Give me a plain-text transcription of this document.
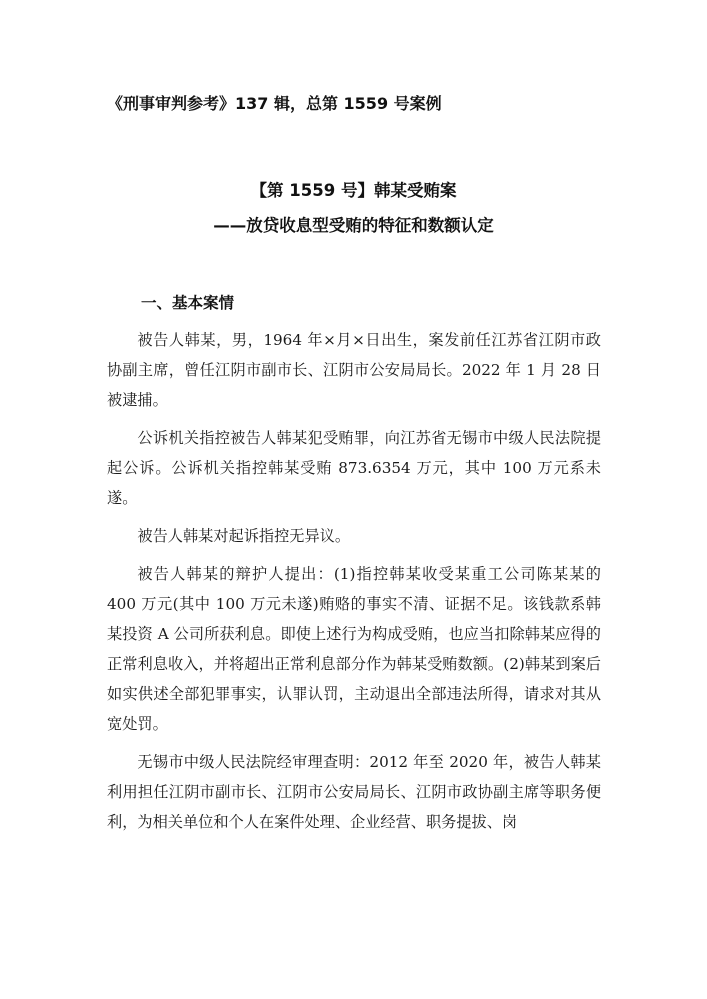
《刑事审判参考》137 辑，总第 1559 号案例
【第 1559 号】韩某受贿案
——放贷收息型受贿的特征和数额认定
一、基本案情

被告人韩某，男，1964 年×月×日出生，案发前任江苏省江阴市政协副主席，曾任江阴市副市长、江阴市公安局局长。2022 年 1 月 28 日被逮捕。

公诉机关指控被告人韩某犯受贿罪，向江苏省无锡市中级人民法院提起公诉。公诉机关指控韩某受贿 873.6354 万元，其中 100 万元系未遂。

被告人韩某对起诉指控无异议。

被告人韩某的辩护人提出：(1)指控韩某收受某重工公司陈某某的 400 万元(其中 100 万元未遂)贿赂的事实不清、证据不足。该钱款系韩某投资 A 公司所获利息。即使上述行为构成受贿，也应当扣除韩某应得的正常利息收入，并将超出正常利息部分作为韩某受贿数额。(2)韩某到案后如实供述全部犯罪事实，认罪认罚，主动退出全部违法所得，请求对其从宽处罚。

无锡市中级人民法院经审理查明：2012 年至 2020 年，被告人韩某利用担任江阴市副市长、江阴市公安局局长、江阴市政协副主席等职务便利，为相关单位和个人在案件处理、企业经营、职务提拔、岗
